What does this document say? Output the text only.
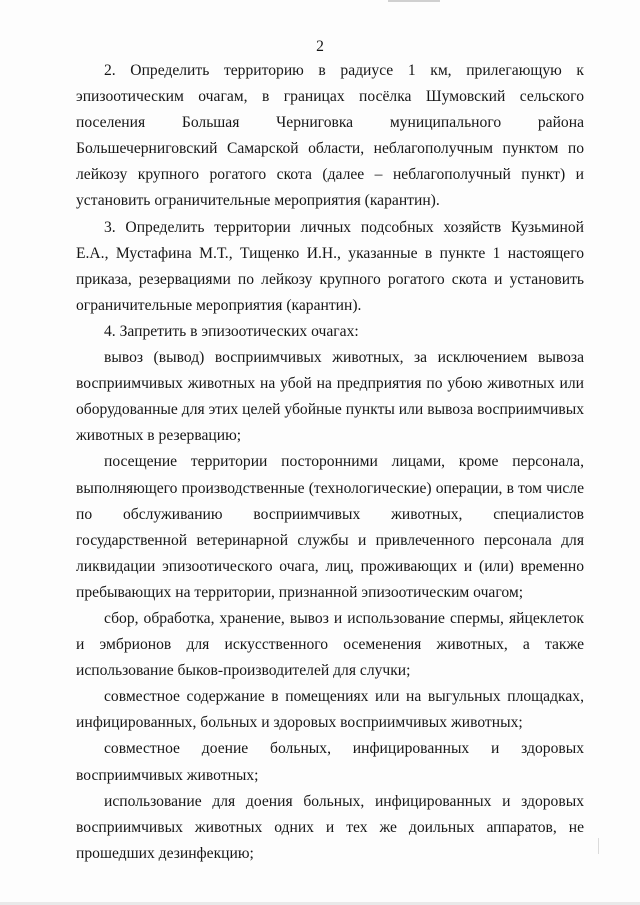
2

2. Определить территорию в радиусе 1 км, прилегающую к эпизоотическим очагам, в границах посёлка Шумовский сельского поселения Большая Черниговка муниципального района Большечерниговский Самарской области, неблагополучным пунктом по лейкозу крупного рогатого скота (далее – неблагополучный пункт) и установить ограничительные мероприятия (карантин).

3. Определить территории личных подсобных хозяйств Кузьминой Е.А., Мустафина М.Т., Тищенко И.Н., указанные в пункте 1 настоящего приказа, резервациями по лейкозу крупного рогатого скота и установить ограничительные мероприятия (карантин).

4. Запретить в эпизоотических очагах:

вывоз (вывод) восприимчивых животных, за исключением вывоза восприимчивых животных на убой на предприятия по убою животных или оборудованные для этих целей убойные пункты или вывоза восприимчивых животных в резервацию;

посещение территории посторонними лицами, кроме персонала, выполняющего производственные (технологические) операции, в том числе по обслуживанию восприимчивых животных, специалистов государственной ветеринарной службы и привлеченного персонала для ликвидации эпизоотического очага, лиц, проживающих и (или) временно пребывающих на территории, признанной эпизоотическим очагом;

сбор, обработка, хранение, вывоз и использование спермы, яйцеклеток и эмбрионов для искусственного осеменения животных, а также использование быков-производителей для случки;

совместное содержание в помещениях или на выгульных площадках, инфицированных, больных и здоровых восприимчивых животных;

совместное доение больных, инфицированных и здоровых восприимчивых животных;

использование для доения больных, инфицированных и здоровых восприимчивых животных одних и тех же доильных аппаратов, не прошедших дезинфекцию;
